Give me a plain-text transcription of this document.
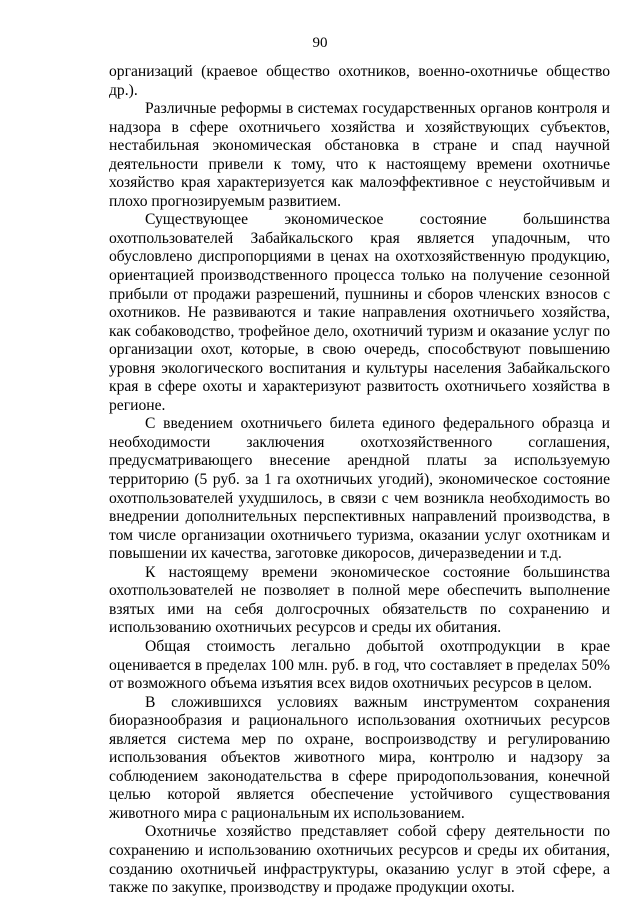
90

организаций (краевое общество охотников, военно-охотничье общество др.).

Различные реформы в системах государственных органов контроля и надзора в сфере охотничьего хозяйства и хозяйствующих субъектов, нестабильная экономическая обстановка в стране и спад научной деятельности привели к тому, что к настоящему времени охотничье хозяйство края характеризуется как малоэффективное с неустойчивым и плохо прогнозируемым развитием.

Существующее экономическое состояние большинства охотпользователей Забайкальского края является упадочным, что обусловлено диспропорциями в ценах на охотхозяйственную продукцию, ориентацией производственного процесса только на получение сезонной прибыли от продажи разрешений, пушнины и сборов членских взносов с охотников. Не развиваются и такие направления охотничьего хозяйства, как собаководство, трофейное дело, охотничий туризм и оказание услуг по организации охот, которые, в свою очередь, способствуют повышению уровня экологического воспитания и культуры населения Забайкальского края в сфере охоты и характеризуют развитость охотничьего хозяйства в регионе.

С введением охотничьего билета единого федерального образца и необходимости заключения охотхозяйственного соглашения, предусматривающего внесение арендной платы за используемую территорию (5 руб. за 1 га охотничьих угодий), экономическое состояние охотпользователей ухудшилось, в связи с чем возникла необходимость во внедрении дополнительных перспективных направлений производства, в том числе организации охотничьего туризма, оказании услуг охотникам и повышении их качества, заготовке дикоросов, дичеразведении и т.д.

К настоящему времени экономическое состояние большинства охотпользователей не позволяет в полной мере обеспечить выполнение взятых ими на себя долгосрочных обязательств по сохранению и использованию охотничьих ресурсов и среды их обитания.

Общая стоимость легально добытой охотпродукции в крае оценивается в пределах 100 млн. руб. в год, что составляет в пределах 50% от возможного объема изъятия всех видов охотничьих ресурсов в целом.

В сложившихся условиях важным инструментом сохранения биоразнообразия и рационального использования охотничьих ресурсов является система мер по охране, воспроизводству и регулированию использования объектов животного мира, контролю и надзору за соблюдением законодательства в сфере природопользования, конечной целью которой является обеспечение устойчивого существования животного мира с рациональным их использованием.

Охотничье хозяйство представляет собой сферу деятельности по сохранению и использованию охотничьих ресурсов и среды их обитания, созданию охотничьей инфраструктуры, оказанию услуг в этой сфере, а также по закупке, производству и продаже продукции охоты.
